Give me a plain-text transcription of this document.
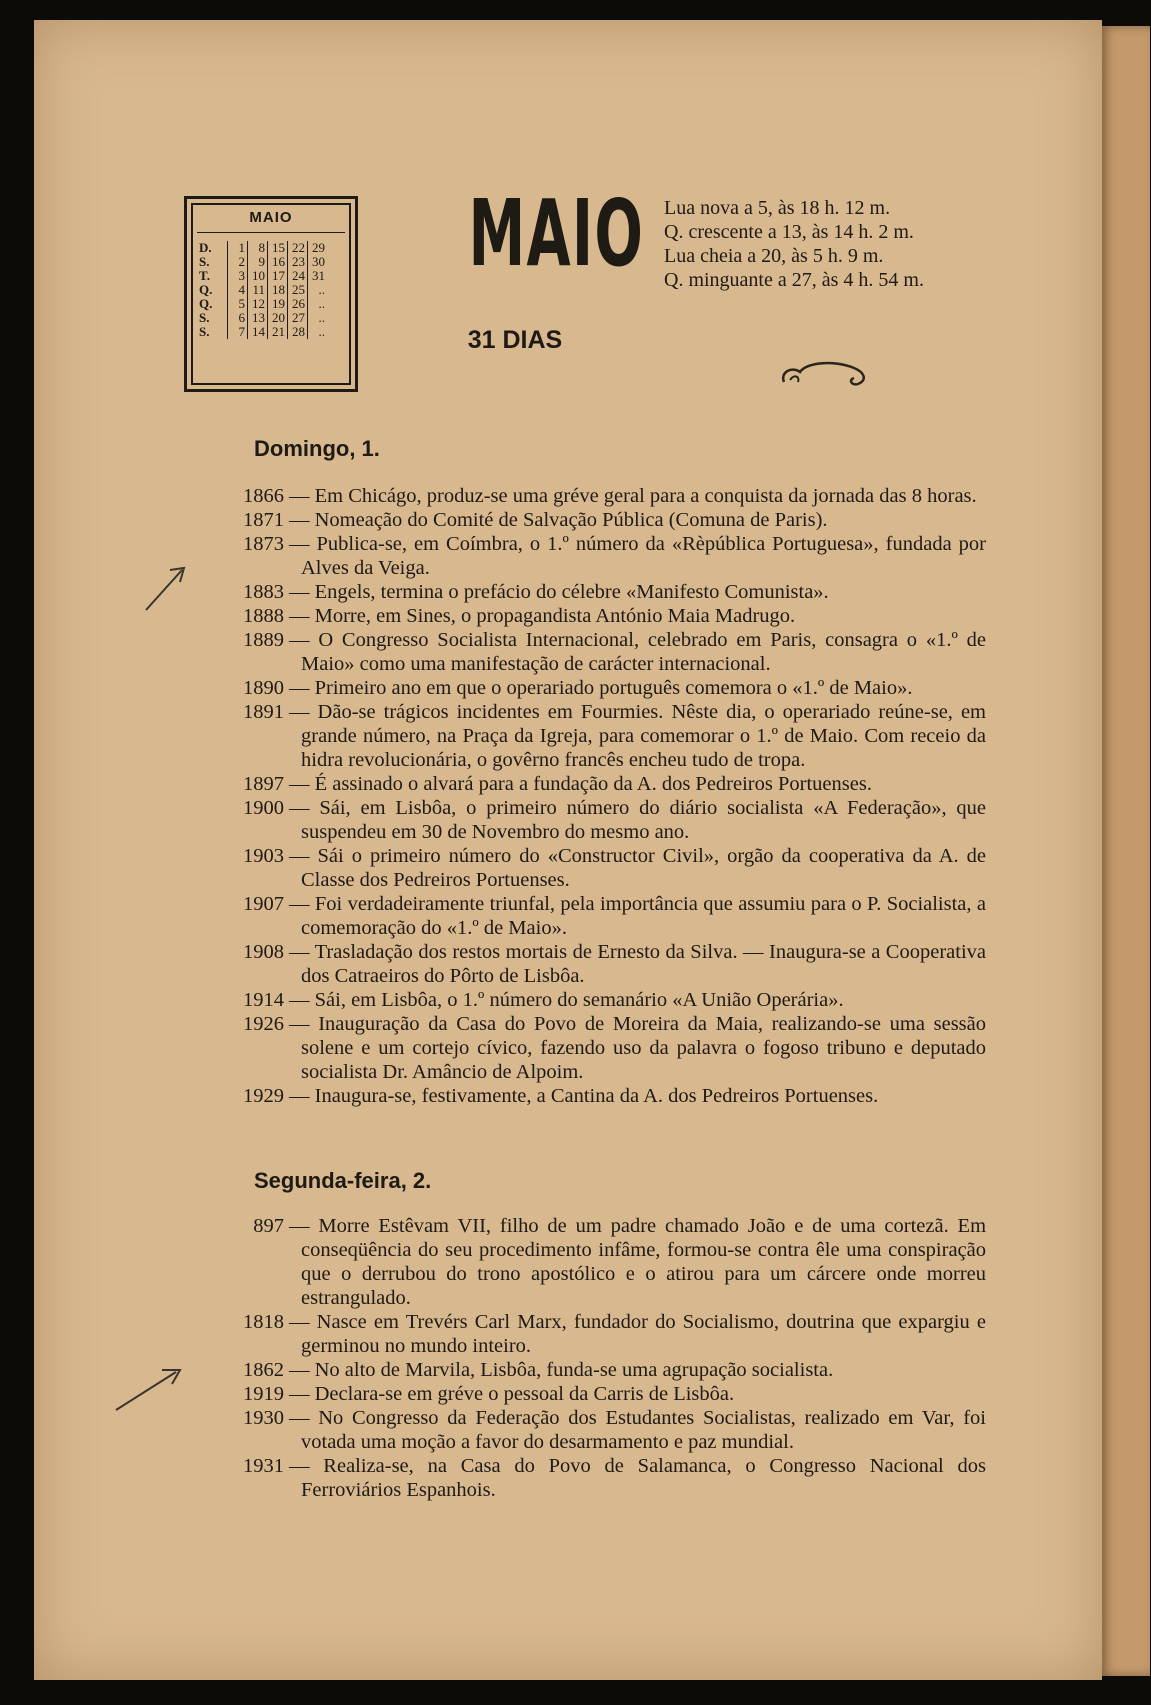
MAIO
D.	1	8	15	22	29
S.	2	9	16	23	30
T.	3	10	17	24	31
Q.	4	11	18	25	..
Q.	5	12	19	26	..
S.	6	13	20	27	..
S.	7	14	21	28	..
MAIO
31 DIAS
Lua nova a 5, às 18 h. 12 m.
Q. crescente a 13, às 14 h. 2 m.
Lua cheia a 20, às 5 h. 9 m.
Q. minguante a 27, às 4 h. 54 m.
Domingo, 1.
1866	— Em Chicágo, produz-se uma gréve geral para a conquista da jornada das 8 horas.
1871	— Nomeação do Comité de Salvação Pública (Comuna de Paris).
1873	— Publica-se, em Coímbra, o 1.º número da «Rèpública Portuguesa», fundada por Alves da Veiga.
1883	— Engels, termina o prefácio do célebre «Manifesto Comunista».
1888	— Morre, em Sines, o propagandista António Maia Madrugo.
1889	— O Congresso Socialista Internacional, celebrado em Paris, consagra o «1.º de Maio» como uma manifestação de carácter internacional.
1890	— Primeiro ano em que o operariado português comemora o «1.º de Maio».
1891	— Dão-se trágicos incidentes em Fourmies. Nêste dia, o operariado reúne-se, em grande número, na Praça da Igreja, para comemorar o 1.º de Maio. Com receio da hidra revolucionária, o govêrno francês encheu tudo de tropa.
1897	— É assinado o alvará para a fundação da A. dos Pedreiros Portuenses.
1900	— Sái, em Lisbôa, o primeiro número do diário socialista «A Federação», que suspendeu em 30 de Novembro do mesmo ano.
1903	— Sái o primeiro número do «Constructor Civil», orgão da cooperativa da A. de Classe dos Pedreiros Portuenses.
1907	— Foi verdadeiramente triunfal, pela importância que assumiu para o P. Socialista, a comemoração do «1.º de Maio».
1908	— Trasladação dos restos mortais de Ernesto da Silva. — Inaugura-se a Cooperativa dos Catraeiros do Pôrto de Lisbôa.
1914	— Sái, em Lisbôa, o 1.º número do semanário «A União Operária».
1926	— Inauguração da Casa do Povo de Moreira da Maia, realizando-se uma sessão solene e um cortejo cívico, fazendo uso da palavra o fogoso tribuno e deputado socialista Dr. Amâncio de Alpoim.
1929	— Inaugura-se, festivamente, a Cantina da A. dos Pedreiros Portuenses.
Segunda-feira, 2.
897	— Morre Estêvam VII, filho de um padre chamado João e de uma cortezã. Em conseqüência do seu procedimento infâme, formou-se contra êle uma conspiração que o derrubou do trono apostólico e o atirou para um cárcere onde morreu estrangulado.
1818	— Nasce em Trevérs Carl Marx, fundador do Socialismo, doutrina que expargiu e germinou no mundo inteiro.
1862	— No alto de Marvila, Lisbôa, funda-se uma agrupação socialista.
1919	— Declara-se em gréve o pessoal da Carris de Lisbôa.
1930	— No Congresso da Federação dos Estudantes Socialistas, realizado em Var, foi votada uma moção a favor do desarmamento e paz mundial.
1931	— Realiza-se, na Casa do Povo de Salamanca, o Congresso Nacional dos Ferroviários Espanhois.
